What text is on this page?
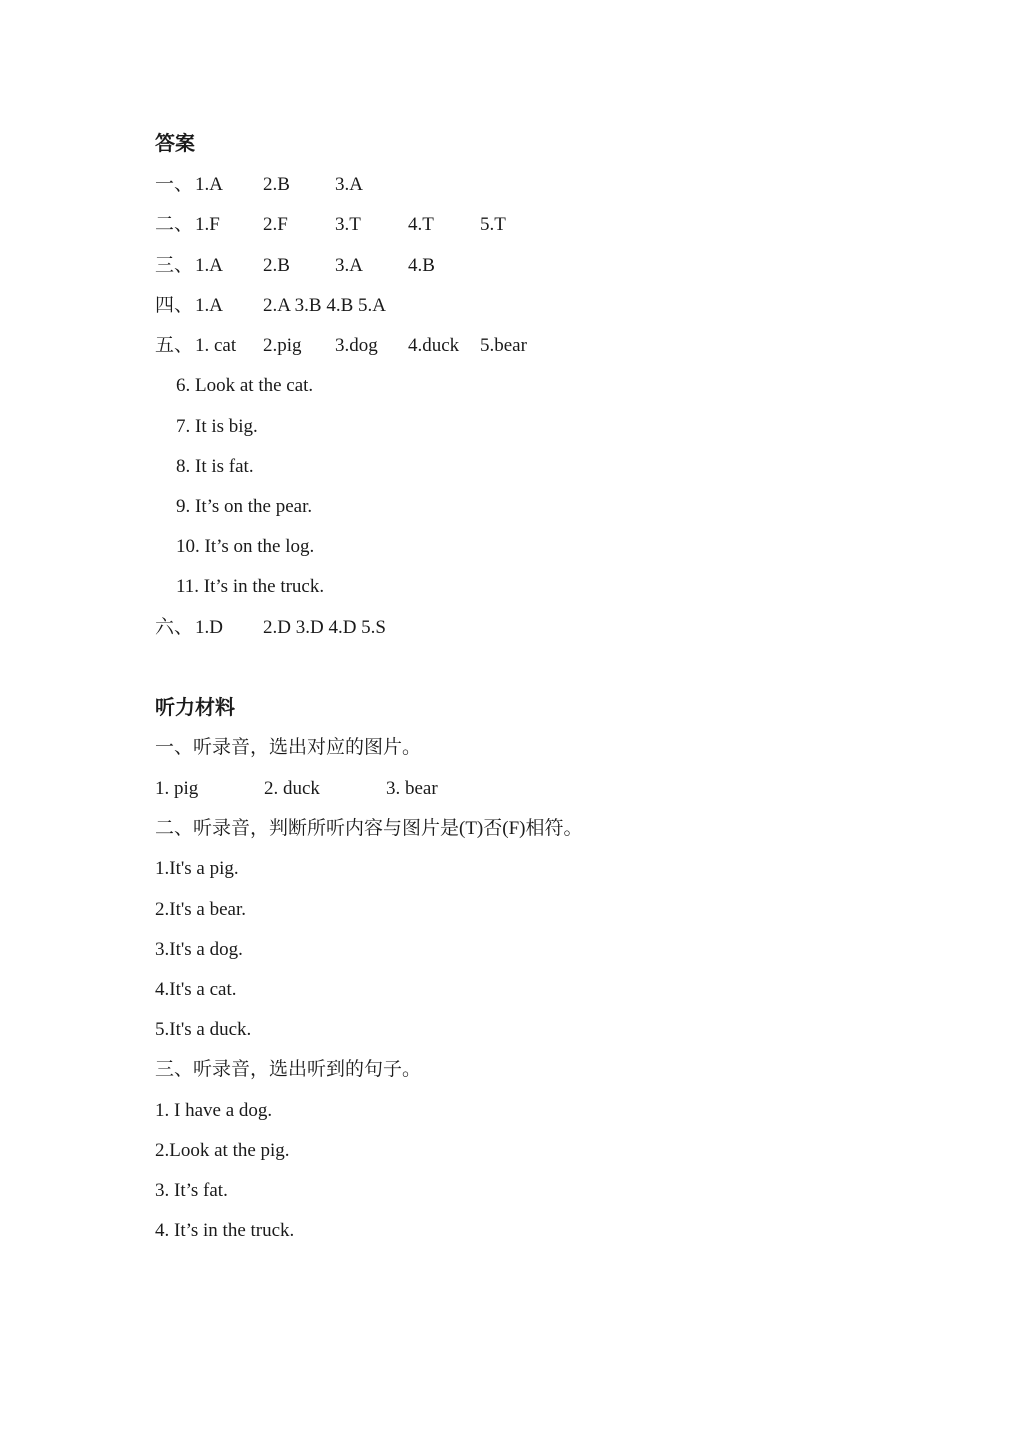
答案
一、 1.A 2.B 3.A
二、 1.F 2.F 3.T 4.T 5.T
三、 1.A 2.B 3.A 4.B
四、 1.A 2.A 3.B 4.B 5.A
五、 1. cat 2.pig 3.dog 4.duck 5.bear
6. Look at the cat.
7. It is big.
8. It is fat.
9. It’s on the pear.
10. It’s on the log.
11. It’s in the truck.
六、 1.D 2.D 3.D 4.D 5.S
听力材料
一、听录音，选出对应的图片。
1. pig	2. duck	3. bear
二、听录音，判断所听内容与图片是(T)否(F)相符。
1.It's a pig.
2.It's a bear.
3.It's a dog.
4.It's a cat.
5.It's a duck.
三、听录音，选出听到的句子。
1. I have a dog.
2.Look at the pig.
3. It’s fat.
4. It’s in the truck.
